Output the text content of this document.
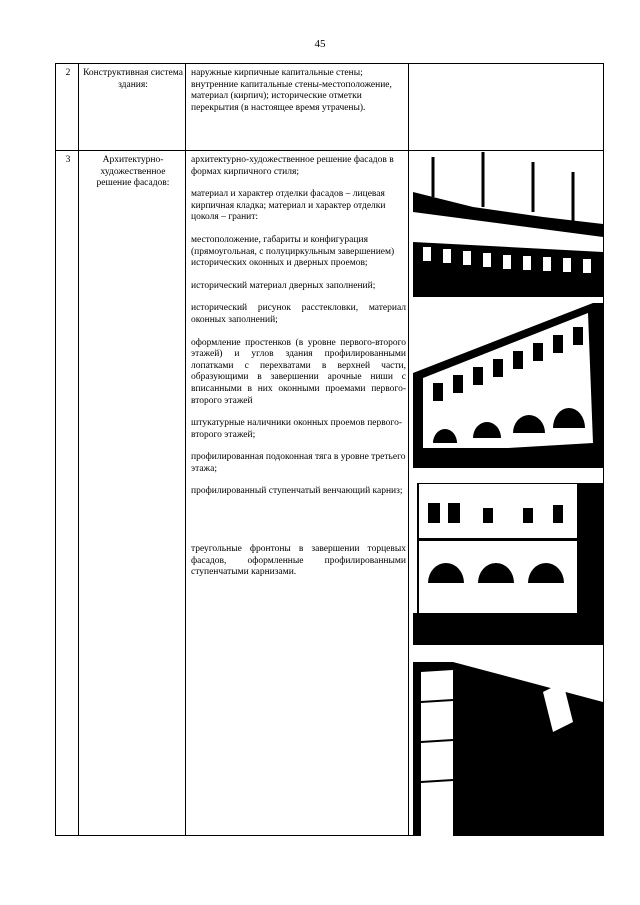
45
2	Конструктивная система здания:

наружные кирпичные капитальные стены; внутренние капитальные стены-местоположение, материал (кирпич); исторические отметки перекрытия (в настоящее время утрачены).

3	Архитектурно-художественное решение фасадов:

архитектурно-художественное решение фасадов в формах кирпичного стиля;

материал и характер отделки фасадов – лицевая кирпичная кладка; материал и характер отделки цоколя – гранит:

местоположение, габариты и конфигурация (прямоугольная, с полуциркульным завершением) исторических оконных и дверных проемов;

исторический материал дверных заполнений;

исторический рисунок расстекловки, материал оконных заполнений;

оформление простенков (в уровне первого-второго этажей) и углов здания профилированными лопатками с перехватами в верхней части, образующими в завершении арочные ниши с вписанными в них оконными проемами первого-второго этажей

штукатурные наличники оконных проемов первого-второго этажей;

профилированная подоконная тяга в уровне третьего этажа;

профилированный ступенчатый венчающий карниз;

треугольные фронтоны в завершении торцевых фасадов, оформленные профилированными ступенчатыми карнизами.
